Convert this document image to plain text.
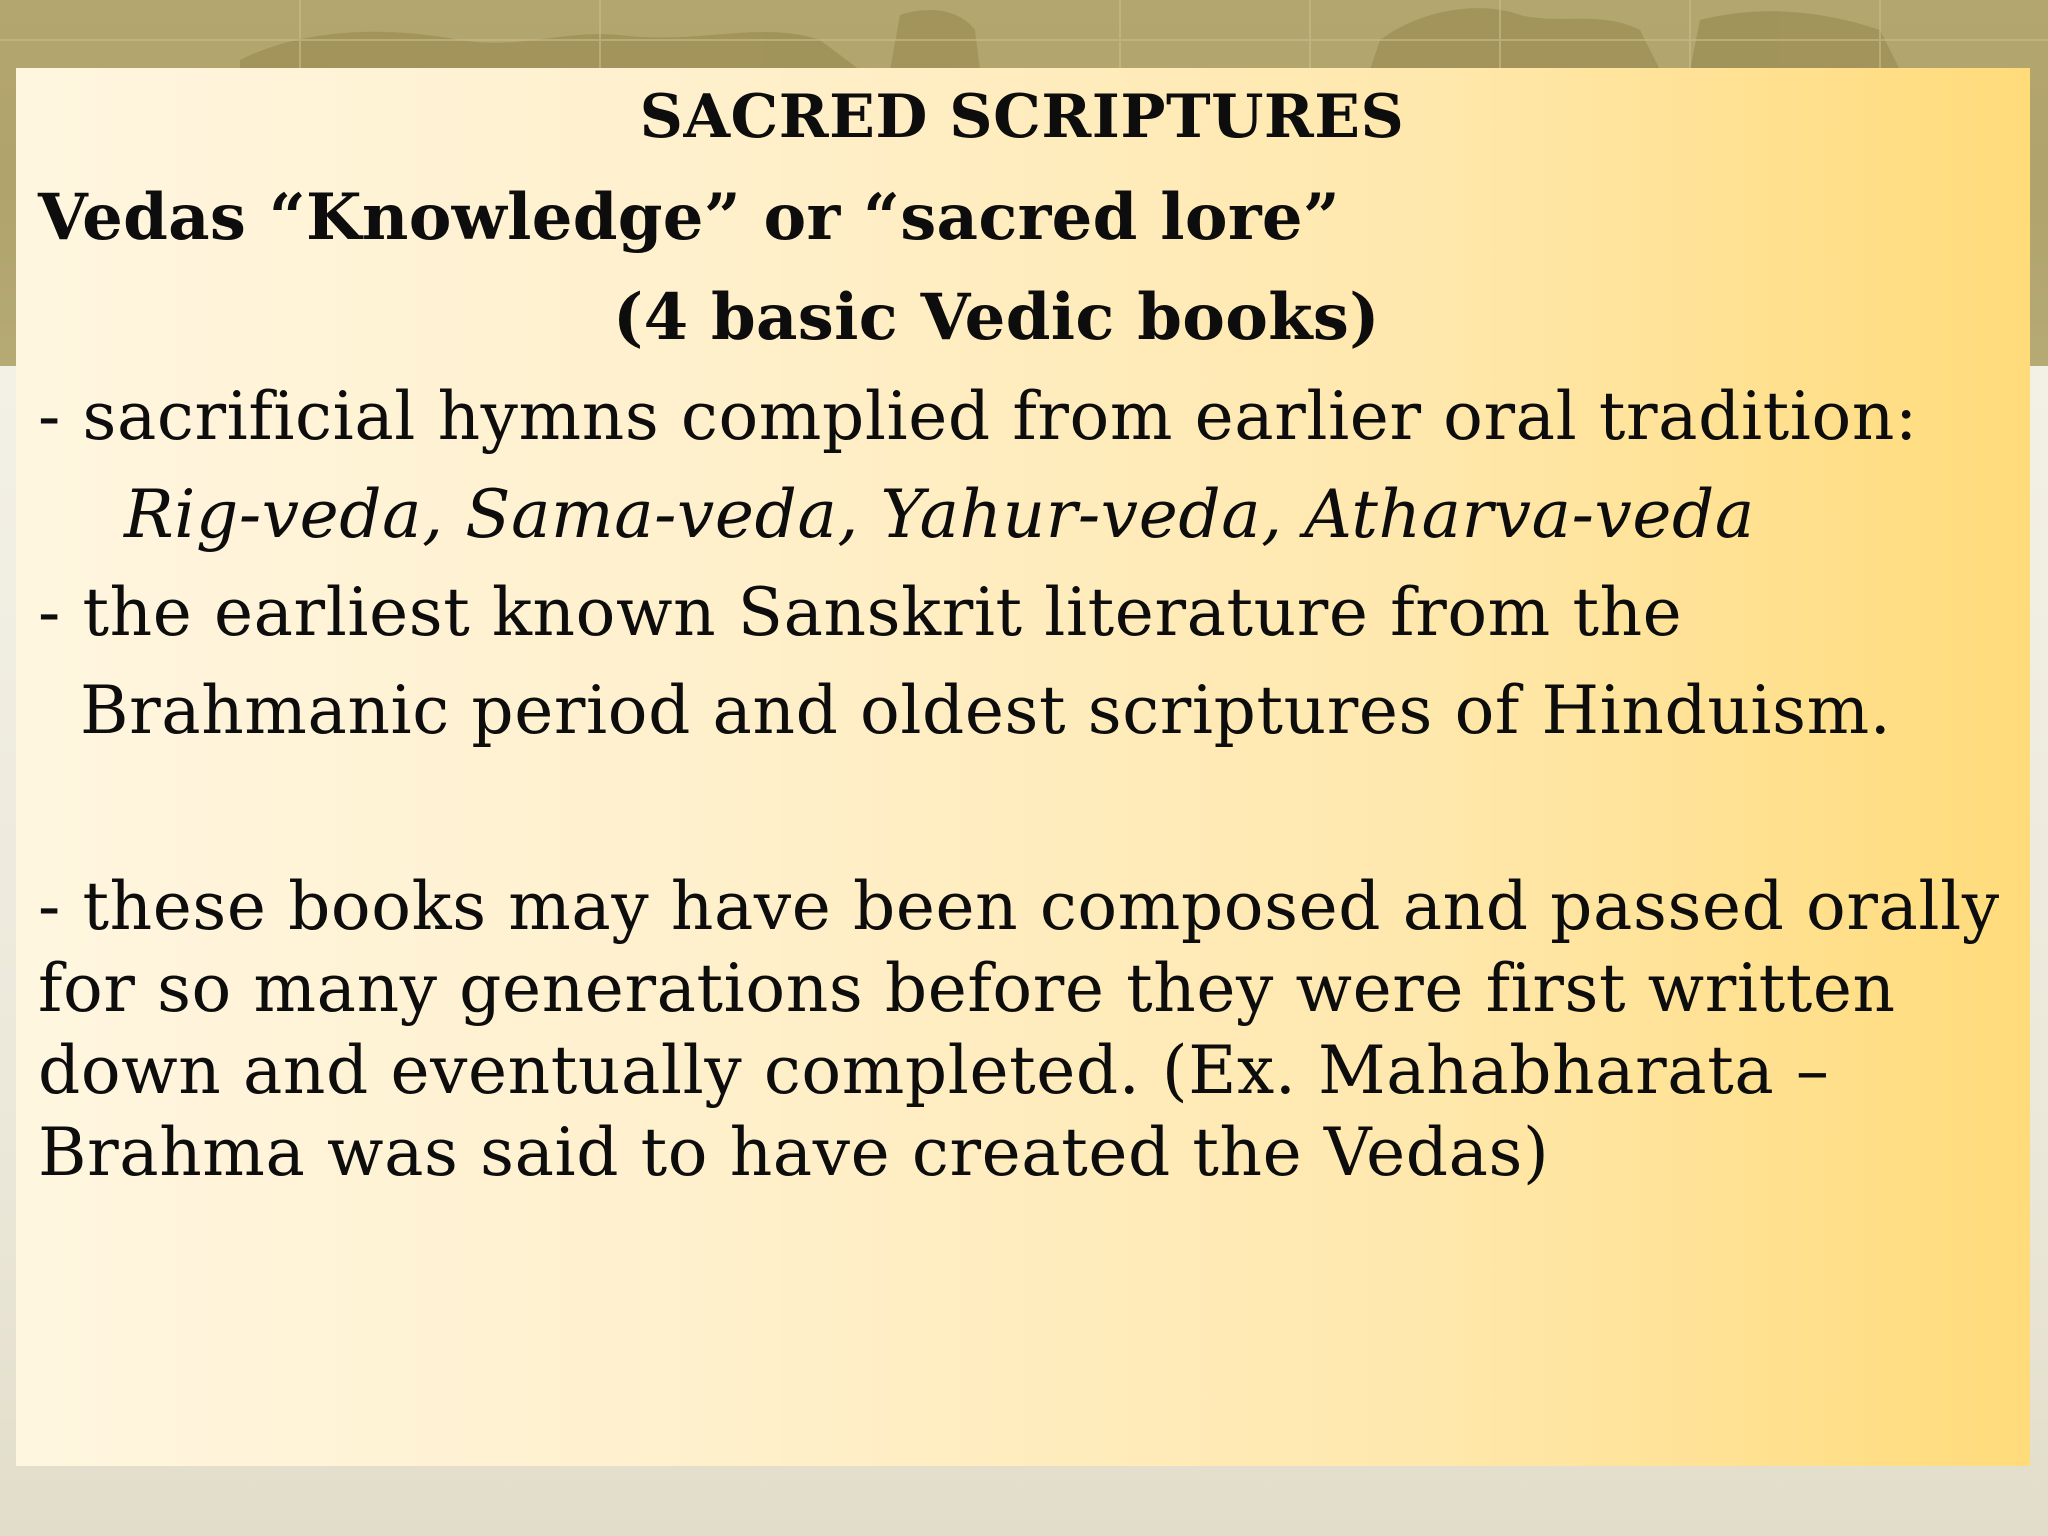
SACRED SCRIPTURES
Vedas “Knowledge” or “sacred lore”
(4 basic Vedic books)
- sacrificial hymns complied from earlier oral tradition:
Rig-veda, Sama-veda, Yahur-veda, Atharva-veda
- the earliest known Sanskrit literature from the
Brahmanic period and oldest scriptures of Hinduism.
- these books may have been composed and passed orally
for so many generations before they were first written
down and eventually completed. (Ex. Mahabharata –
Brahma was said to have created the Vedas)
